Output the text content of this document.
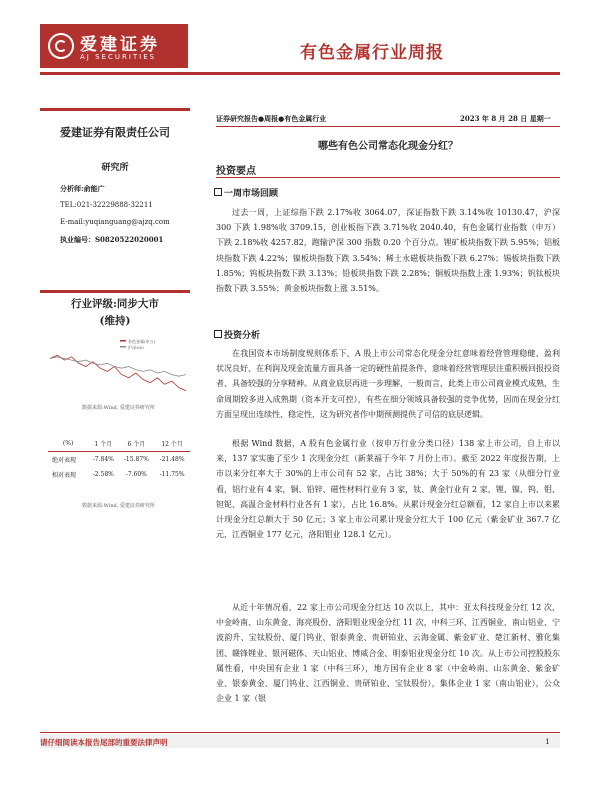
爱建证券
AJ SECURITIES	有色金属行业周报
爱建证券有限责任公司
研究所
分析师:俞能广
TEL:021-32229888-32211
E-mail:yuqianguang@ajzq.com
执业编号：S0820522020001
行业评级:同步大市
(维持)
有色金属(申万)
沪深300
数据来源:Wind, 爱建证券研究所
(%)	1 个月	6 个月	12 个月
绝对表现	-7.84%	-15.87%	-21.48%
相对表现	-2.58%	-7.60%	-11.75%
数据来源:Wind, 爱建证券研究所
证券研究报告●周报●有色金属行业	2023 年 8 月 28 日 星期一
哪些有色公司常态化现金分红？
投资要点
一周市场回顾
过去一周，上证综指下跌 2.17%收 3064.07，深证指数下跌 3.14%收 10130.47，沪深 300 下跌 1.98%收 3709.15，创业板指下跌 3.71%收 2040.40，有色金属行业指数（申万）下跌 2.18%收 4257.82，跑输沪深 300 指数 0.20 个百分点。锂矿板块指数下跌 5.95%；铝板块指数下跌 4.22%；镍板块指数下跌 3.54%；稀土永磁板块指数下跌 6.27%；锡板块指数下跌 1.85%；钨板块指数下跌 3.13%；铅板块指数下跌 2.28%；铜板块指数上涨 1.93%；钒钛板块指数下跌 3.55%；黄金板块指数上涨 3.51%。
投资分析
在我国资本市场制度规则体系下，A 股上市公司常态化现金分红意味着经营管理稳健、盈利状况良好、在利润及现金流量方面具备一定的硬性前提条件，意味着经营管理层注重积极回报投资者、具备较强的分享精神。从商业底层再进一步理解，一般而言，此类上市公司商业模式成熟，生命周期较多进入成熟期（资本开支可控），有些在细分领域具备较强的竞争优势，因而在现金分红方面呈现出连续性、稳定性，这为研究者作中期预测提供了可信的底层逻辑。
根据 Wind 数据，A 股有色金属行业（按申万行业分类口径）138 家上市公司，自上市以来，137 家实施了至少 1 次现金分红（新莱福于今年 7 月份上市）。截至 2022 年度报告期，上市以来分红率大于 30%的上市公司有 52 家，占比 38%；大于 50%的有 23 家（从细分行业看，铝行业有 4 家，铜、铅锌、磁性材料行业有 3 家，钛、黄金行业有 2 家，锂、镍、钨、钼、钽铌、高温合金材料行业各有 1 家），占比 16.8%。从累计现金分红总额看，12 家自上市以来累计现金分红总额大于 50 亿元；3 家上市公司累计现金分红大于 100 亿元（紫金矿业 367.7 亿元，江西铜业 177 亿元，洛阳钼业 128.1 亿元）。
从近十年情况看，22 家上市公司现金分红达 10 次以上，其中：亚太科技现金分红 12 次，中金岭南、山东黄金、海亮股份、洛阳钼业现金分红 11 次，中科三环、江西铜业、南山铝业、宁波韵升、宝钛股份、厦门钨业、银泰黄金、贵研铂业、云海金属、紫金矿业、楚江新材、雅化集团、赣锋锂业、银河磁体、天山铝业、博威合金、明泰铝业现金分红 10 次。从上市公司控股股东属性看，中央国有企业 1 家（中科三环），地方国有企业 8 家（中金岭南、山东黄金、紫金矿业、银泰黄金、厦门钨业、江西铜业、贵研铂业、宝钛股份），集体企业 1 家（南山铝业），公众企业 1 家（银
请仔细阅读本报告尾部的重要法律声明	1
